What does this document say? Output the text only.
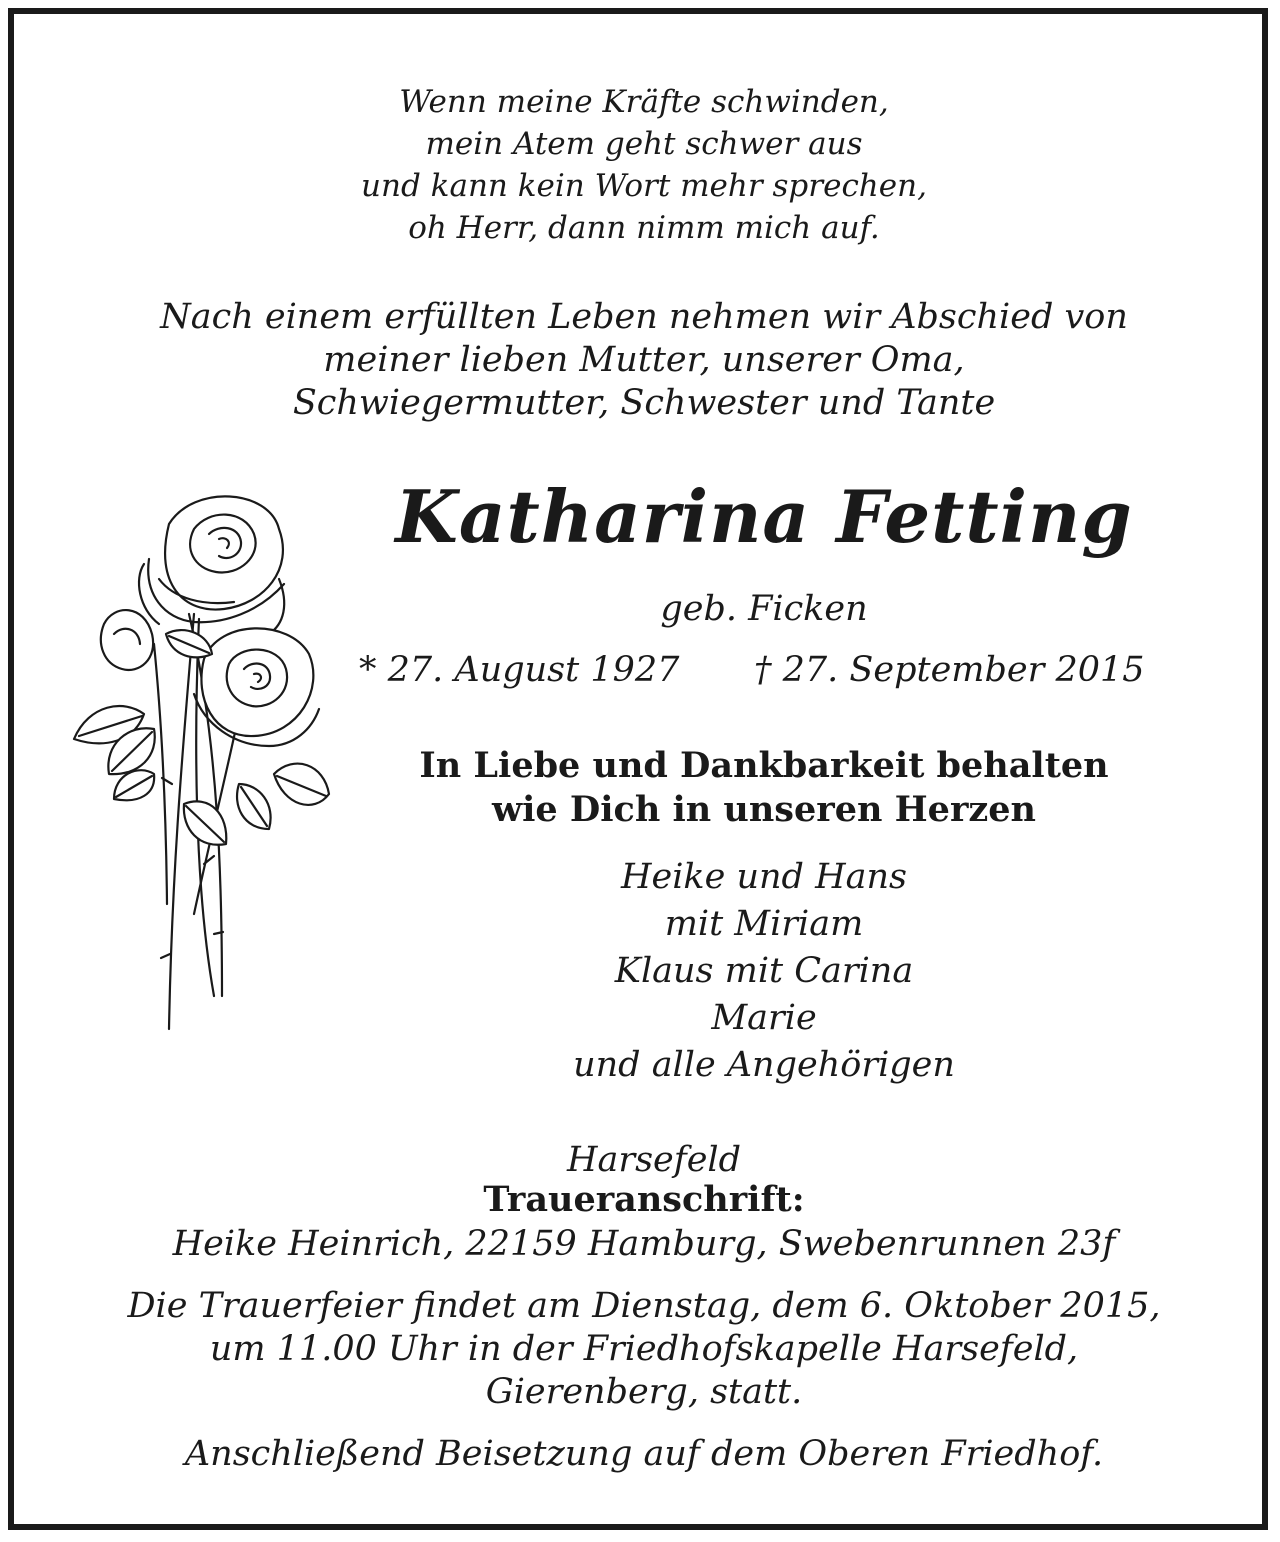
Wenn meine Kräfte schwinden,

mein Atem geht schwer aus

und kann kein Wort mehr sprechen,

oh Herr, dann nimm mich auf.

Nach einem erfüllten Leben nehmen wir Abschied von

meiner lieben Mutter, unserer Oma,

Schwiegermutter, Schwester und Tante

Katharina Fetting

geb. Ficken

* 27. August 1927	† 27. September 2015

In Liebe und Dankbarkeit behalten

wie Dich in unseren Herzen

Heike und Hans

mit Miriam

Klaus mit Carina

Marie

und alle Angehörigen

Harsefeld

Traueranschrift:

Heike Heinrich, 22159 Hamburg, Swebenrunnen 23f

Die Trauerfeier findet am Dienstag, dem 6. Oktober 2015,

um 11.00 Uhr in der Friedhofskapelle Harsefeld,

Gierenberg, statt.

Anschließend Beisetzung auf dem Oberen Friedhof.
